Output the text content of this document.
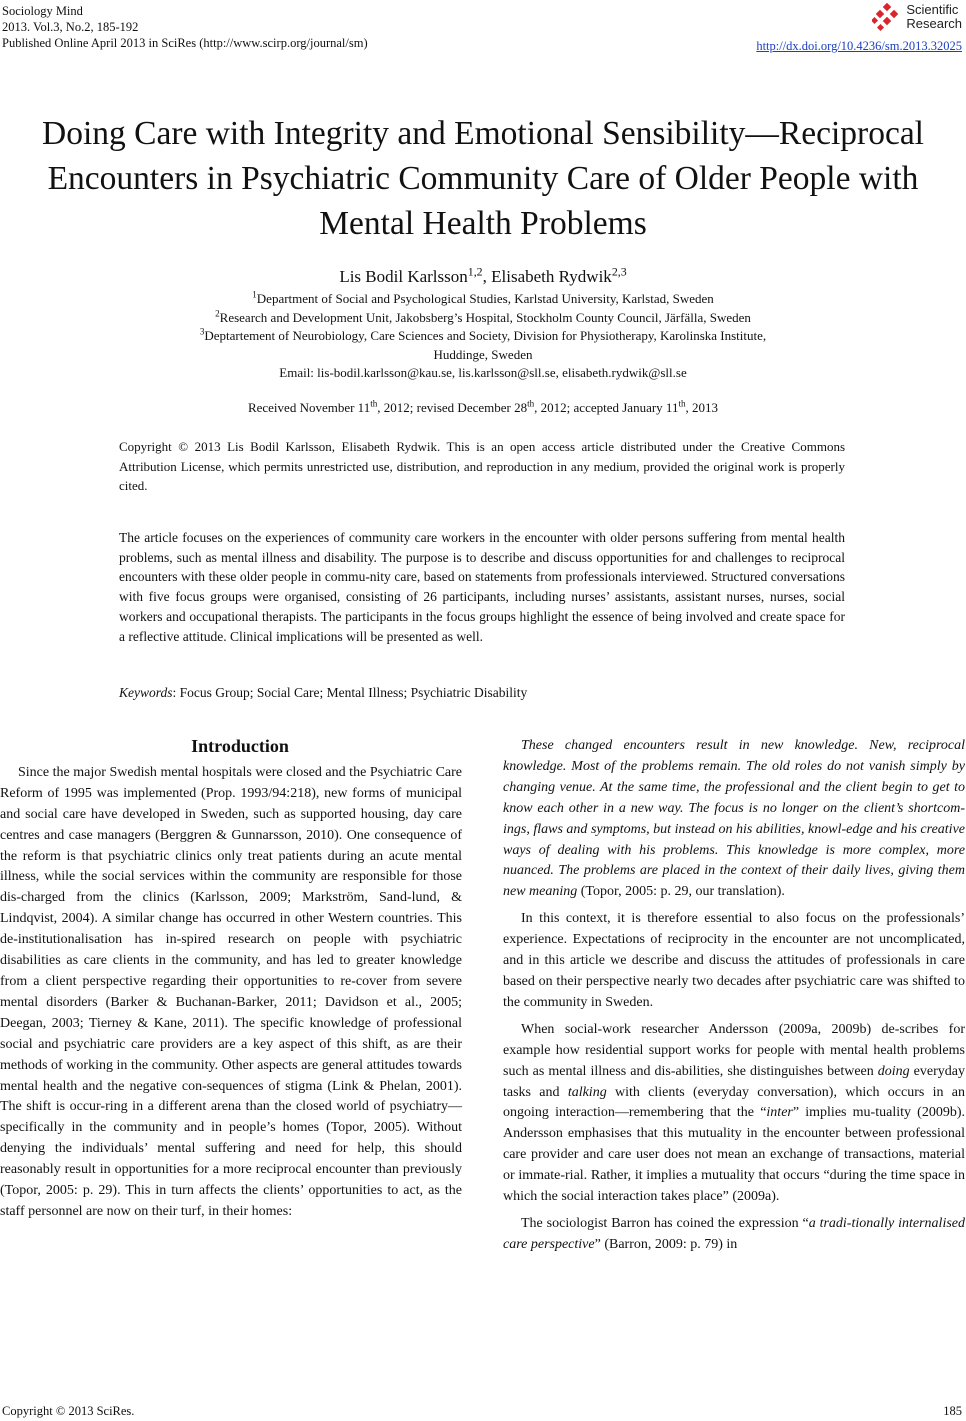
Sociology Mind
2013. Vol.3, No.2, 185-192
Published Online April 2013 in SciRes (http://www.scirp.org/journal/sm)
Scientific
Research
http://dx.doi.org/10.4236/sm.2013.32025
Doing Care with Integrity and Emotional Sensibility—Reciprocal
Encounters in Psychiatric Community Care of Older People with
Mental Health Problems
Lis Bodil Karlsson$^{1,2}$, Elisabeth Rydwik$^{2,3}$
$^1$Department of Social and Psychological Studies, Karlstad University, Karlstad, Sweden
$^2$Research and Development Unit, Jakobsberg’s Hospital, Stockholm County Council, Järfälla, Sweden
$^3$Deptartement of Neurobiology, Care Sciences and Society, Division for Physiotherapy, Karolinska Institute,
Huddinge, Sweden
Email: lis-bodil.karlsson@kau.se, lis.karlsson@sll.se, elisabeth.rydwik@sll.se
Received November 11th, 2012; revised December 28th, 2012; accepted January 11th, 2013
Copyright © 2013 Lis Bodil Karlsson, Elisabeth Rydwik. This is an open access article distributed under the Creative Commons Attribution License, which permits unrestricted use, distribution, and reproduction in any medium, provided the original work is properly cited.
The article focuses on the experiences of community care workers in the encounter with older persons suffering from mental health problems, such as mental illness and disability. The purpose is to describe and discuss opportunities for and challenges to reciprocal encounters with these older people in commu-nity care, based on statements from professionals interviewed. Structured conversations with five focus groups were organised, consisting of 26 participants, including nurses’ assistants, assistant nurses, nurses, social workers and occupational therapists. The participants in the focus groups highlight the essence of being involved and create space for a reflective attitude. Clinical implications will be presented as well.
Keywords: Focus Group; Social Care; Mental Illness; Psychiatric Disability

Introduction

Since the major Swedish mental hospitals were closed and the Psychiatric Care Reform of 1995 was implemented (Prop. 1993/94:218), new forms of municipal and social care have developed in Sweden, such as supported housing, day care centres and case managers (Berggren & Gunnarsson, 2010). One consequence of the reform is that psychiatric clinics only treat patients during an acute mental illness, while the social services within the community are responsible for those dis-charged from the clinics (Karlsson, 2009; Markström, Sand-lund, & Lindqvist, 2004). A similar change has occurred in other Western countries. This de-institutionalisation has in-spired research on people with psychiatric disabilities as care clients in the community, and has led to greater knowledge from a client perspective regarding their opportunities to re-cover from severe mental disorders (Barker & Buchanan-Barker, 2011; Davidson et al., 2005; Deegan, 2003; Tierney & Kane, 2011). The specific knowledge of professional social and psychiatric care providers are a key aspect of this shift, as are their methods of working in the community. Other aspects are general attitudes towards mental health and the negative con-sequences of stigma (Link & Phelan, 2001). The shift is occur-ring in a different arena than the closed world of psychiatry—specifically in the community and in people’s homes (Topor, 2005). Without denying the individuals’ mental suffering and need for help, this should reasonably result in opportunities for a more reciprocal encounter than previously (Topor, 2005: p. 29). This in turn affects the clients’ opportunities to act, as the staff personnel are now on their turf, in their homes:

These changed encounters result in new knowledge. New, reciprocal knowledge. Most of the problems remain. The old roles do not vanish simply by changing venue. At the same time, the professional and the client begin to get to know each other in a new way. The focus is no longer on the client’s shortcom-ings, flaws and symptoms, but instead on his abilities, knowl-edge and his creative ways of dealing with his problems. This knowledge is more complex, more nuanced. The problems are placed in the context of their daily lives, giving them new meaning (Topor, 2005: p. 29, our translation).

In this context, it is therefore essential to also focus on the professionals’ experience. Expectations of reciprocity in the encounter are not uncomplicated, and in this article we describe and discuss the attitudes of professionals in care based on their perspective nearly two decades after psychiatric care was shifted to the community in Sweden.

When social-work researcher Andersson (2009a, 2009b) de-scribes for example how residential support works for people with mental health problems such as mental illness and dis-abilities, she distinguishes between doing everyday tasks and talking with clients (everyday conversation), which occurs in an ongoing interaction—remembering that the “inter” implies mu-tuality (2009b). Andersson emphasises that this mutuality in the encounter between professional care provider and care user does not mean an exchange of transactions, material or immate-rial. Rather, it implies a mutuality that occurs “during the time space in which the social interaction takes place” (2009a).

The sociologist Barron has coined the expression “a tradi-tionally internalised care perspective” (Barron, 2009: p. 79) in

Copyright © 2013 SciRes.	185
